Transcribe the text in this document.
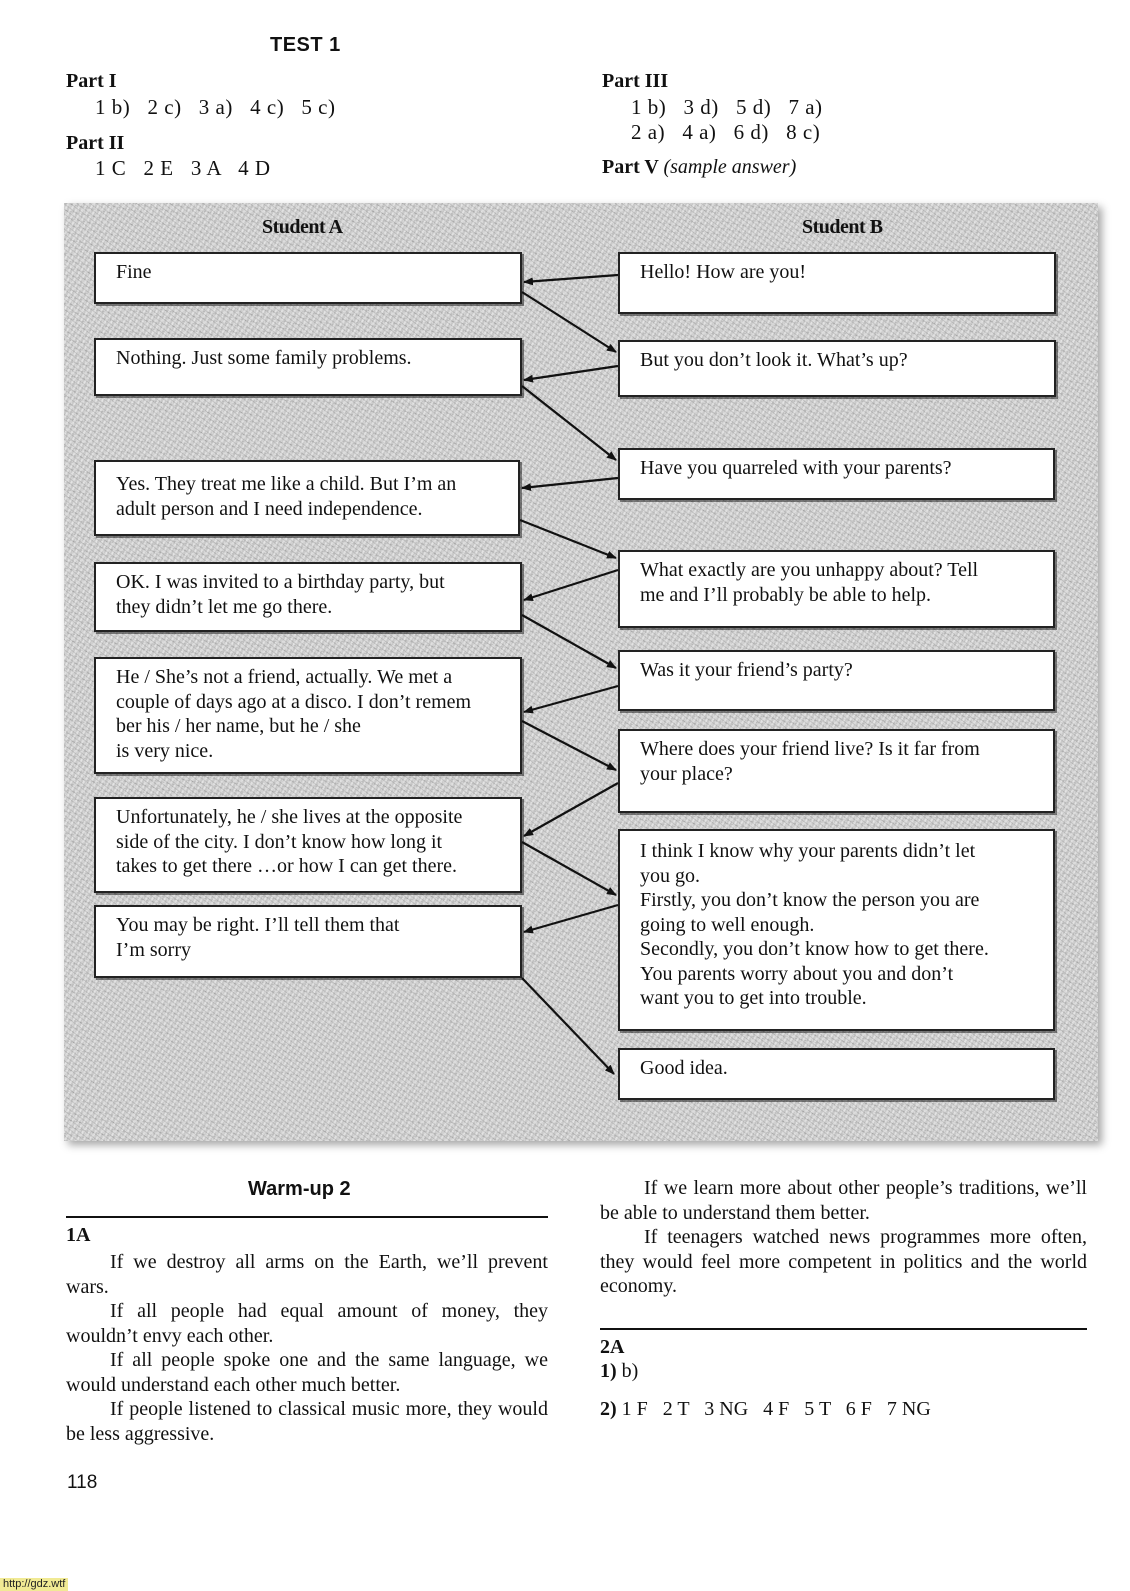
TEST 1
Part I
1 b)   2 c)   3 a)   4 c)   5 c)
Part II
1 C   2 E   3 A   4 D
Part III
1 b)   3 d)   5 d)   7 a)
2 a)   4 a)   6 d)   8 c)
Part V (sample answer)
Student A	Student B
Fine
Nothing. Just some family problems.
Yes. They treat me like a child. But I’m an
adult person and I need independence.
OK. I was invited to a birthday party, but
they didn’t let me go there.
He / She’s not a friend, actually. We met a
couple of days ago at a disco. I don’t remem
ber his / her name, but he / she
is very nice.
Unfortunately, he / she lives at the opposite
side of the city. I don’t know how long it
takes to get there …or how I can get there.
You may be right. I’ll tell them that
I’m sorry
Hello! How are you!
But you don’t look it. What’s up?
Have you quarreled with your parents?
What exactly are you unhappy about? Tell
me and I’ll probably be able to help.
Was it your friend’s party?
Where does your friend live? Is it far from
your place?
I think I know why your parents didn’t let
you go.
Firstly, you don’t know the person you are
going to well enough.
Secondly, you don’t know how to get there.
You parents worry about you and don’t
want you to get into trouble.
Good idea.
Warm-up 2
1A

If we destroy all arms on the Earth, we’ll prevent wars.

If all people had equal amount of money, they wouldn’t envy each other.

If all people spoke one and the same language, we would understand each other much better.

If people listened to classical music more, they would be less aggressive.

If we learn more about other people’s traditions, we’ll be able to understand them better.

If teenagers watched news programmes more often, they would feel more competent in politics and the world economy.

2A
1) b)
2) 1 F   2 T   3 NG   4 F   5 T   6 F   7 NG
118
http://gdz.wtf
